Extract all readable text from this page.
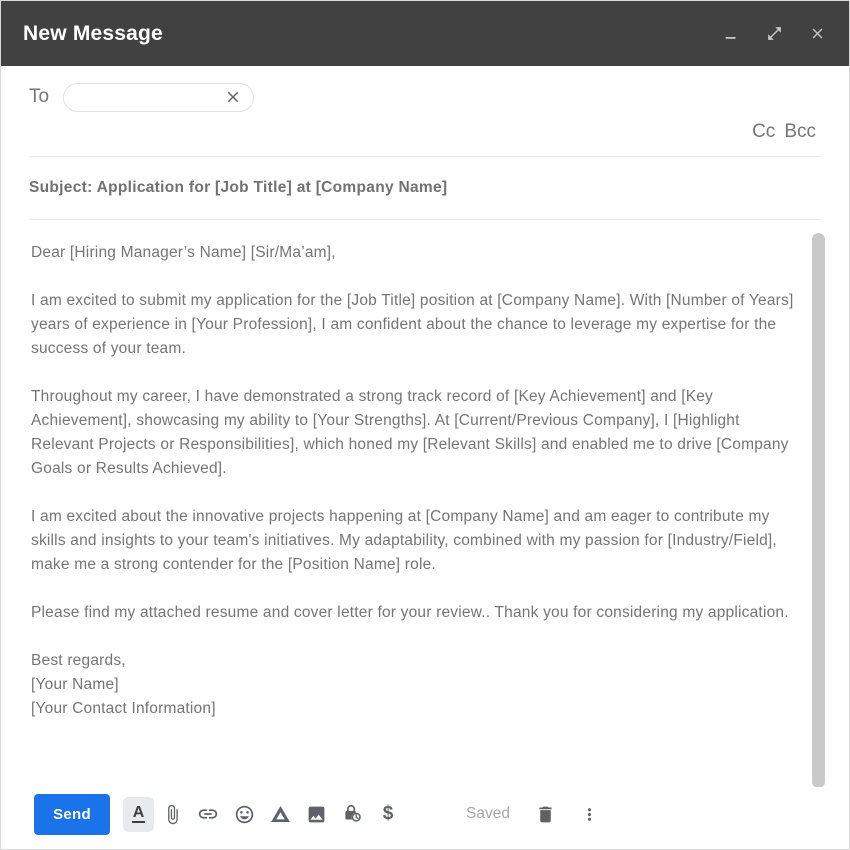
New Message
To
Cc Bcc
Subject: Application for [Job Title] at [Company Name]

Dear [Hiring Manager’s Name] [Sir/Ma’am],

I am excited to submit my application for the [Job Title] position at [Company Name]. With [Number of Years] years of experience in [Your Profession], I am confident about the chance to leverage my expertise for the success of your team.

Throughout my career, I have demonstrated a strong track record of [Key Achievement] and [Key Achievement], showcasing my ability to [Your Strengths]. At [Current/Previous Company], I [Highlight Relevant Projects or Responsibilities], which honed my [Relevant Skills] and enabled me to drive [Company Goals or Results Achieved].

I am excited about the innovative projects happening at [Company Name] and am eager to contribute my skills and insights to your team's initiatives. My adaptability, combined with my passion for [Industry/Field], make me a strong contender for the [Position Name] role.

Please find my attached resume and cover letter for your review.. Thank you for considering my application.

Best regards,

[Your Name]

[Your Contact Information]

Send	A	$	Saved
